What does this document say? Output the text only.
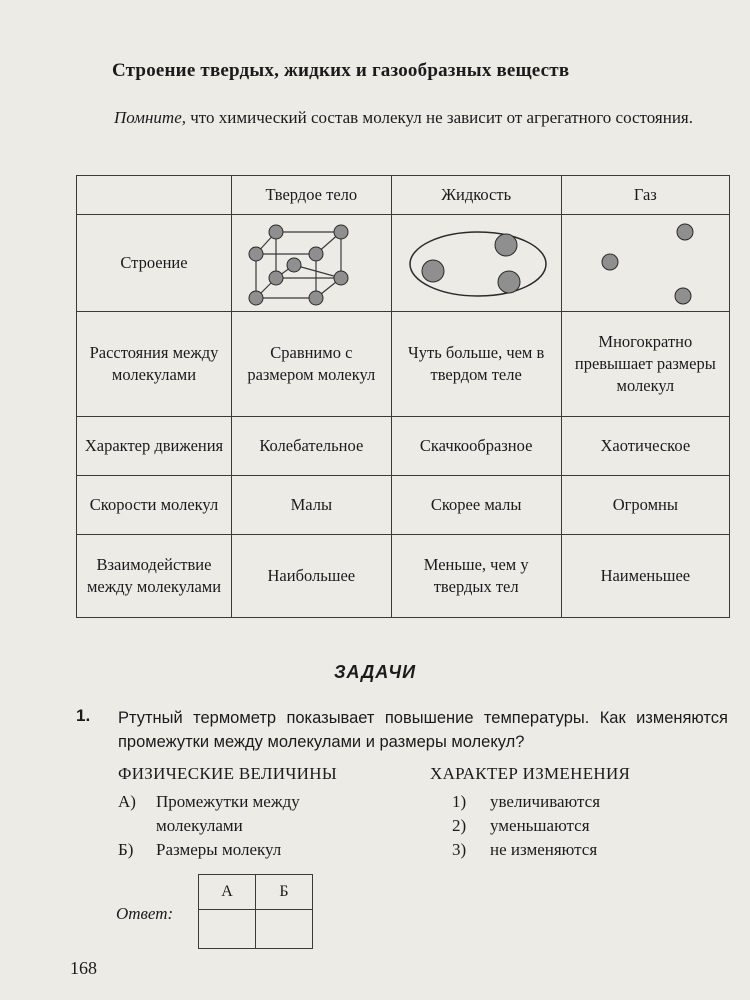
Строение твердых, жидких и газообразных веществ

Помните, что химический состав молекул не зависит от агрегатного состояния.

	Твердое тело	Жидкость	Газ
Строение	

Расстояния между молекулами	Сравнимо с размером молекул	Чуть больше, чем в твердом теле	Многократно превышает размеры молекул
Характер движения	Колебательное	Скачкообразное	Хаотическое
Скорости молекул	Малы	Скорее малы	Огромны
Взаимодействие между молекулами	Наибольшее	Меньше, чем у твердых тел	Наименьшее
ЗАДАЧИ
1. Ртутный термометр показывает повышение температуры. Как изменяются промежутки между молекулами и размеры молекул?

ФИЗИЧЕСКИЕ ВЕЛИЧИНЫ	ХАРАКТЕР ИЗМЕНЕНИЯ
А)	Промежутки между молекулами
Б)	Размеры молекул
1)	увеличиваются
2)	уменьшаются
3)	не изменяются
Ответ:
А	Б

168
